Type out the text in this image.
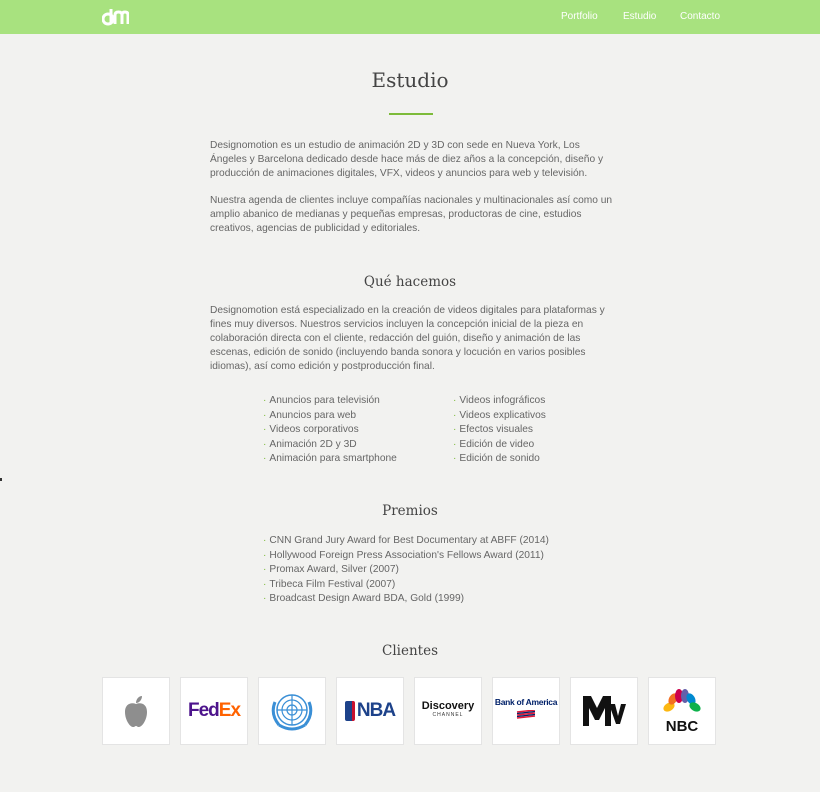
Portfolio	Estudio Contacto
Estudio

Designomotion es un estudio de animación 2D y 3D con sede en Nueva York, Los Ángeles y Barcelona dedicado desde hace más de diez años a la concepción, diseño y producción de animaciones digitales, VFX, videos y anuncios para web y televisión.

Nuestra agenda de clientes incluye compañías nacionales y multinacionales así como un amplio abanico de medianas y pequeñas empresas, productoras de cine, estudios creativos, agencias de publicidad y editoriales.

Qué hacemos

Designomotion está especializado en la creación de videos digitales para plataformas y fines muy diversos. Nuestros servicios incluyen la concepción inicial de la pieza en colaboración directa con el cliente, redacción del guión, diseño y animación de las escenas, edición de sonido (incluyendo banda sonora y locución en varios posibles idiomas), así como edición y postproducción final.

· Anuncios para televisión
· Anuncios para web
· Videos corporativos
· Animación 2D y 3D
· Animación para smartphone
· Videos infográficos
· Videos explicativos
· Efectos visuales
· Edición de video
· Edición de sonido
Premios
· CNN Grand Jury Award for Best Documentary at ABFF (2014)
· Hollywood Foreign Press Association's Fellows Award (2011)
· Promax Award, Silver (2007)
· Tribeca Film Festival (2007)
· Broadcast Design Award BDA, Gold (1999)
Clientes
FedEx	NBA Discovery
CHANNEL
Bank of America
NBC
